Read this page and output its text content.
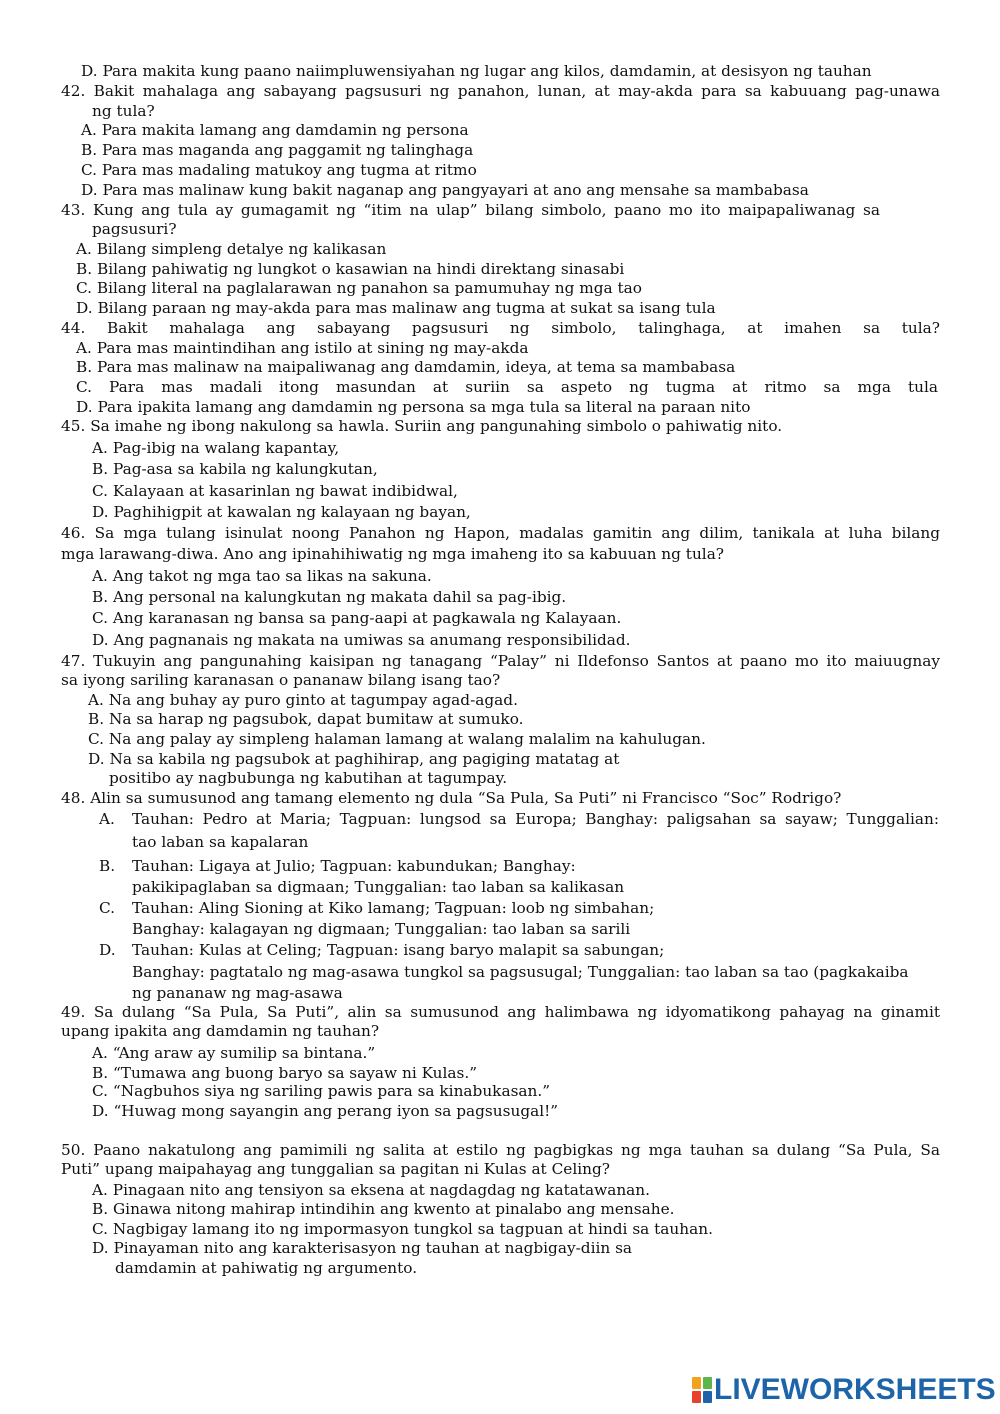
D. Para makita kung paano naiimpluwensiyahan ng lugar ang kilos, damdamin, at desisyon ng tauhan
42. Bakit mahalaga ang sabayang pagsusuri ng panahon, lunan, at may-akda para sa kabuuang pag-unawa
ng tula?
A. Para makita lamang ang damdamin ng persona
B. Para mas maganda ang paggamit ng talinghaga
C. Para mas madaling matukoy ang tugma at ritmo
D. Para mas malinaw kung bakit naganap ang pangyayari at ano ang mensahe sa mambabasa
43. Kung ang tula ay gumagamit ng “itim na ulap” bilang simbolo, paano mo ito maipapaliwanag sa
pagsusuri?
A. Bilang simpleng detalye ng kalikasan
B. Bilang pahiwatig ng lungkot o kasawian na hindi direktang sinasabi
C. Bilang literal na paglalarawan ng panahon sa pamumuhay ng mga tao
D. Bilang paraan ng may-akda para mas malinaw ang tugma at sukat sa isang tula
44. Bakit mahalaga ang sabayang pagsusuri ng simbolo, talinghaga, at imahen sa tula?
A. Para mas maintindihan ang istilo at sining ng may-akda
B. Para mas malinaw na maipaliwanag ang damdamin, ideya, at tema sa mambabasa
C. Para mas madali itong masundan at suriin sa aspeto ng tugma at ritmo sa mga tula
D. Para ipakita lamang ang damdamin ng persona sa mga tula sa literal na paraan nito
45. Sa imahe ng ibong nakulong sa hawla. Suriin ang pangunahing simbolo o pahiwatig nito.
A. Pag-ibig na walang kapantay,
B. Pag-asa sa kabila ng kalungkutan,
C. Kalayaan at kasarinlan ng bawat indibidwal,
D. Paghihigpit at kawalan ng kalayaan ng bayan,
46. Sa mga tulang isinulat noong Panahon ng Hapon, madalas gamitin ang dilim, tanikala at luha bilang
mga larawang-diwa. Ano ang ipinahihiwatig ng mga imaheng ito sa kabuuan ng tula?
A. Ang takot ng mga tao sa likas na sakuna.
B. Ang personal na kalungkutan ng makata dahil sa pag-ibig.
C. Ang karanasan ng bansa sa pang-aapi at pagkawala ng Kalayaan.
D. Ang pagnanais ng makata na umiwas sa anumang responsibilidad.
47. Tukuyin ang pangunahing kaisipan ng tanagang “Palay” ni Ildefonso Santos at paano mo ito maiuugnay
sa iyong sariling karanasan o pananaw bilang isang tao?
A. Na ang buhay ay puro ginto at tagumpay agad-agad.
B. Na sa harap ng pagsubok, dapat bumitaw at sumuko.
C. Na ang palay ay simpleng halaman lamang at walang malalim na kahulugan.
D. Na sa kabila ng pagsubok at paghihirap, ang pagiging matatag at
positibo ay nagbubunga ng kabutihan at tagumpay.
48. Alin sa sumusunod ang tamang elemento ng dula “Sa Pula, Sa Puti” ni Francisco “Soc” Rodrigo?
A. Tauhan: Pedro at Maria; Tagpuan: lungsod sa Europa; Banghay: paligsahan sa sayaw; Tunggalian:
tao laban sa kapalaran
B. Tauhan: Ligaya at Julio; Tagpuan: kabundukan; Banghay:
pakikipaglaban sa digmaan; Tunggalian: tao laban sa kalikasan
C. Tauhan: Aling Sioning at Kiko lamang; Tagpuan: loob ng simbahan;
Banghay: kalagayan ng digmaan; Tunggalian: tao laban sa sarili
D. Tauhan: Kulas at Celing; Tagpuan: isang baryo malapit sa sabungan;
Banghay: pagtatalo ng mag-asawa tungkol sa pagsusugal; Tunggalian: tao laban sa tao (pagkakaiba
ng pananaw ng mag-asawa
49. Sa dulang “Sa Pula, Sa Puti”, alin sa sumusunod ang halimbawa ng idyomatikong pahayag na ginamit
upang ipakita ang damdamin ng tauhan?
A. “Ang araw ay sumilip sa bintana.”
B. “Tumawa ang buong baryo sa sayaw ni Kulas.”
C. “Nagbuhos siya ng sariling pawis para sa kinabukasan.”
D. “Huwag mong sayangin ang perang iyon sa pagsusugal!”
50. Paano nakatulong ang pamimili ng salita at estilo ng pagbigkas ng mga tauhan sa dulang “Sa Pula, Sa
Puti” upang maipahayag ang tunggalian sa pagitan ni Kulas at Celing?
A. Pinagaan nito ang tensiyon sa eksena at nagdagdag ng katatawanan.
B. Ginawa nitong mahirap intindihin ang kwento at pinalabo ang mensahe.
C. Nagbigay lamang ito ng impormasyon tungkol sa tagpuan at hindi sa tauhan.
D. Pinayaman nito ang karakterisasyon ng tauhan at nagbigay-diin sa
damdamin at pahiwatig ng argumento.
LIVEWORKSHEETS
